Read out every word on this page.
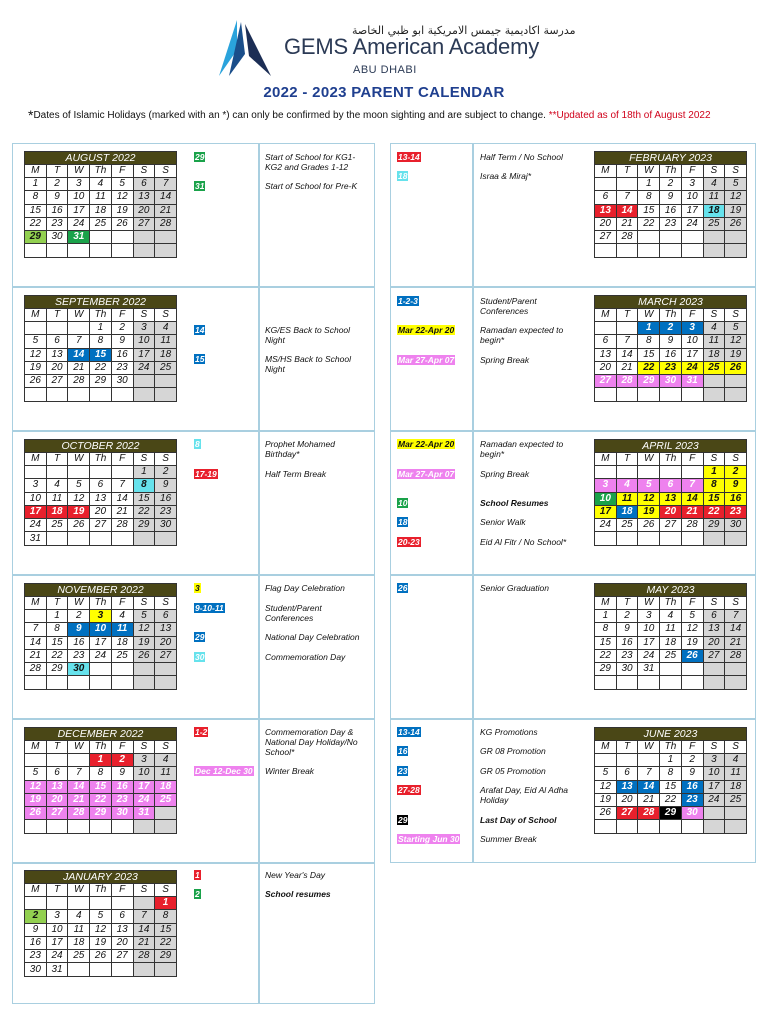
مدرسة اكاديمية جيمس الامريكية ابو ظبي الخاصة
GEMS American Academy
ABU DHABI
2022 - 2023 PARENT CALENDAR
*Dates of Islamic Holidays (marked with an *) can only be confirmed by the moon sighting and are subject to change. **Updated as of 18th of August 2022
AUGUST 2022						
M	T	W	Th	F	S	S
1	2	3	4	5	6	7
8	9	10	11	12	13	14
15	16	17	18	19	20	21
22	23	24	25	26	27	28
29	30	31				

SEPTEMBER 2022						
M	T	W	Th	F	S	S
			1	2	3	4
5	6	7	8	9	10	11
12	13	14	15	16	17	18
19	20	21	22	23	24	25
26	27	28	29	30		

OCTOBER 2022						
M	T	W	Th	F	S	S
					1	2
3	4	5	6	7	8	9
10	11	12	13	14	15	16
17	18	19	20	21	22	23
24	25	26	27	28	29	30
31						
NOVEMBER 2022						
M	T	W	Th	F	S	S
	1	2	3	4	5	6
7	8	9	10	11	12	13
14	15	16	17	18	19	20
21	22	23	24	25	26	27
28	29	30				

DECEMBER 2022						
M	T	W	Th	F	S	S
			1	2	3	4
5	6	7	8	9	10	11
12	13	14	15	16	17	18
19	20	21	22	23	24	25
26	27	28	29	30	31	

JANUARY 2023						
M	T	W	Th	F	S	S
						1
2	3	4	5	6	7	8
9	10	11	12	13	14	15
16	17	18	19	20	21	22
23	24	25	26	27	28	29
30	31					
FEBRUARY 2023						
M	T	W	Th	F	S	S
		1	2	3	4	5
6	7	8	9	10	11	12
13	14	15	16	17	18	19
20	21	22	23	24	25	26
27	28					

MARCH 2023						
M	T	W	Th	F	S	S
		1	2	3	4	5
6	7	8	9	10	11	12
13	14	15	16	17	18	19
20	21	22	23	24	25	26
27	28	29	30	31		

APRIL 2023						
M	T	W	Th	F	S	S
					1	2
3	4	5	6	7	8	9
10	11	12	13	14	15	16
17	18	19	20	21	22	23
24	25	26	27	28	29	30

MAY 2023						
M	T	W	Th	F	S	S
1	2	3	4	5	6	7
8	9	10	11	12	13	14
15	16	17	18	19	20	21
22	23	24	25	26	27	28
29	30	31				

JUNE 2023						
M	T	W	Th	F	S	S
			1	2	3	4
5	6	7	8	9	10	11
12	13	14	15	16	17	18
19	20	21	22	23	24	25
26	27	28	29	30		

29	Start of School for KG1-KG2 and Grades 1-12
31	Start of School for Pre-K
14	KG/ES Back to School Night
15	MS/HS Back to School Night
8	Prophet Mohamed Birthday*
17-19	Half Term Break
3	Flag Day Celebration
9-10-11	Student/Parent Conferences
29	National Day Celebration
30	Commemoration Day
1-2	Commemoration Day & National Day Holiday/No School*
Dec 12-Dec 30 Winter Break
1	New Year's Day
2	School resumes
13-14	Half Term / No School
18	Israa & Miraj*
1-2-3	Student/Parent Conferences
Mar 22-Apr 20	Ramadan expected to begin*
Mar 27-Apr 07	Spring Break
Mar 22-Apr 20	Ramadan expected to begin*
Mar 27-Apr 07	Spring Break
10	School Resumes
18	Senior Walk
20-23	Eid Al Fitr / No School*
26	Senior Graduation
13-14	KG Promotions
16	GR 08 Promotion
23	GR 05 Promotion
27-28	Arafat Day, Eid Al Adha Holiday
29	Last Day of School
Starting Jun 30 Summer Break
